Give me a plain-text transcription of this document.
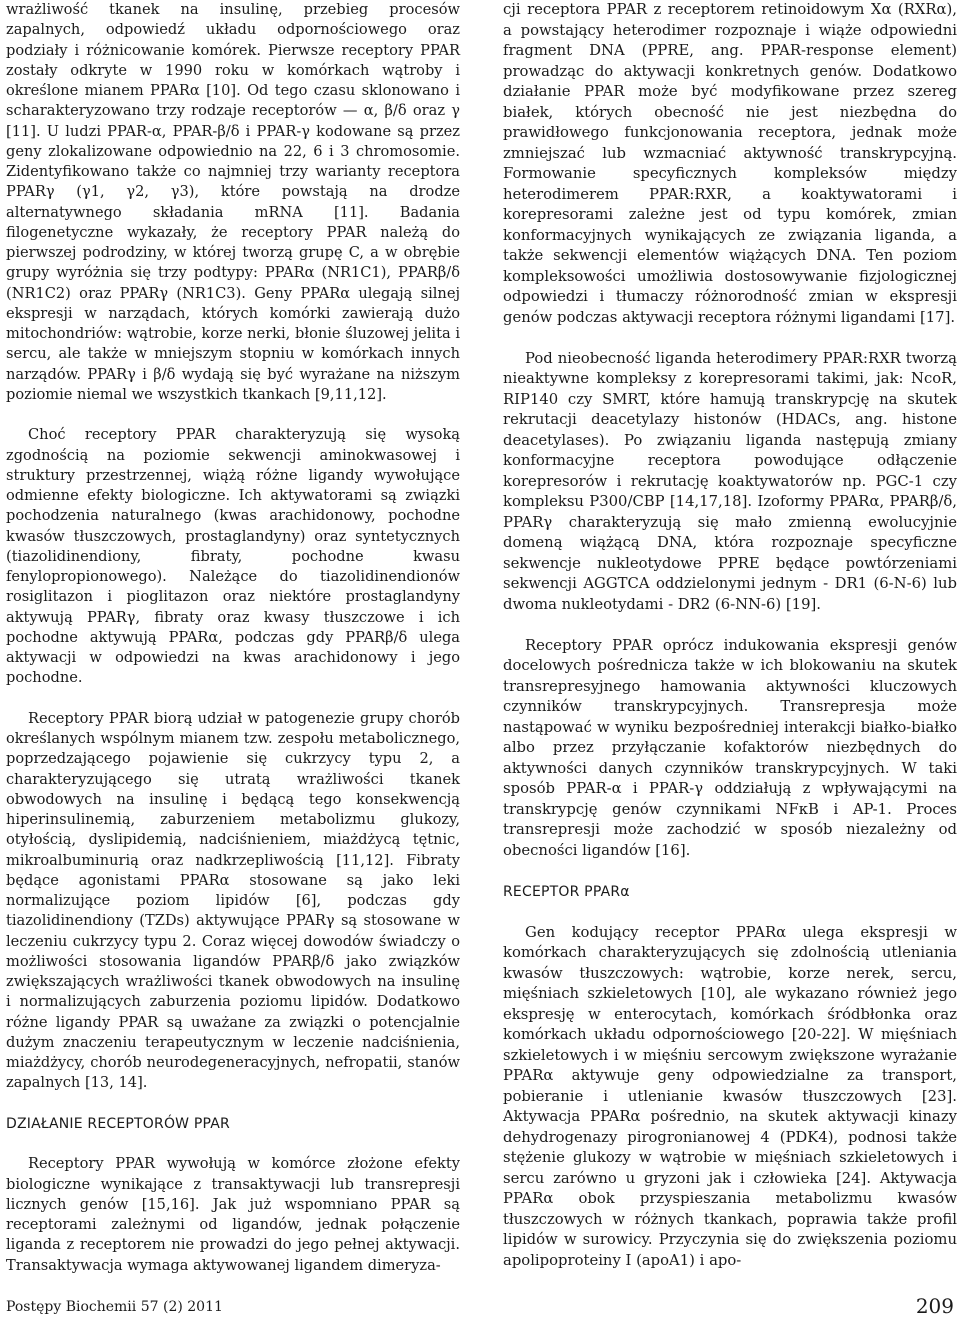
wrażliwość tkanek na insulinę, przebieg procesów zapalnych, odpowiedź układu odpornościowego oraz podziały i różnicowanie komórek. Pierwsze receptory PPAR zostały odkryte w 1990 roku w komórkach wątroby i określone mianem PPARα [10]. Od tego czasu sklonowano i scharakteryzowano trzy rodzaje receptorów — α, β/δ oraz γ [11]. U ludzi PPAR-α, PPAR-β/δ i PPAR-γ kodowane są przez geny zlokalizowane odpowiednio na 22, 6 i 3 chromosomie. Zidentyfikowano także co najmniej trzy warianty receptora PPARγ (γ1, γ2, γ3), które powstają na drodze alternatywnego składania mRNA [11]. Badania filogenetyczne wykazały, że receptory PPAR należą do pierwszej podrodziny, w której tworzą grupę C, a w obrębie grupy wyróżnia się trzy podtypy: PPARα (NR1C1), PPARβ/δ (NR1C2) oraz PPARγ (NR1C3). Geny PPARα ulegają silnej ekspresji w narządach, których komórki zawierają dużo mitochondriów: wątrobie, korze nerki, błonie śluzowej jelita i sercu, ale także w mniejszym stopniu w komórkach innych narządów. PPARγ i β/δ wydają się być wyrażane na niższym poziomie niemal we wszystkich tkankach [9,11,12].

Choć receptory PPAR charakteryzują się wysoką zgodnością na poziomie sekwencji aminokwasowej i struktury przestrzennej, wiążą różne ligandy wywołujące odmienne efekty biologiczne. Ich aktywatorami są związki pochodzenia naturalnego (kwas arachidonowy, pochodne kwasów tłuszczowych, prostaglandyny) oraz syntetycznych (tiazolidinendiony, fibraty, pochodne kwasu fenylopropionowego). Należące do tiazolidinendionów rosiglitazon i pioglitazon oraz niektóre prostaglandyny aktywują PPARγ, fibraty oraz kwasy tłuszczowe i ich pochodne aktywują PPARα, podczas gdy PPARβ/δ ulega aktywacji w odpowiedzi na kwas arachidonowy i jego pochodne.

Receptory PPAR biorą udział w patogenezie grupy chorób określanych wspólnym mianem tzw. zespołu metabolicznego, poprzedzającego pojawienie się cukrzycy typu 2, a charakteryzującego się utratą wrażliwości tkanek obwodowych na insulinę i będącą tego konsekwencją hiperinsulinemią, zaburzeniem metabolizmu glukozy, otyłością, dyslipidemią, nadciśnieniem, miażdżycą tętnic, mikroalbuminurią oraz nadkrzepliwością [11,12]. Fibraty będące agonistami PPARα stosowane są jako leki normalizujące poziom lipidów [6], podczas gdy tiazolidinendiony (TZDs) aktywujące PPARγ są stosowane w leczeniu cukrzycy typu 2. Coraz więcej dowodów świadczy o możliwości stosowania ligandów PPARβ/δ jako związków zwiększających wrażliwości tkanek obwodowych na insulinę i normalizujących zaburzenia poziomu lipidów. Dodatkowo różne ligandy PPAR są uważane za związki o potencjalnie dużym znaczeniu terapeutycznym w leczenie nadciśnienia, miażdżycy, chorób neurodegeneracyjnych, nefropatii, stanów zapalnych [13, 14].

DZIAŁANIE RECEPTORÓW PPAR

Receptory PPAR wywołują w komórce złożone efekty biologiczne wynikające z transaktywacji lub transrepresji licznych genów [15,16]. Jak już wspomniano PPAR są receptorami zależnymi od ligandów, jednak połączenie liganda z receptorem nie prowadzi do jego pełnej aktywacji. Transaktywacja wymaga aktywowanej ligandem dimeryza-

cji receptora PPAR z receptorem retinoidowym Xα (RXRα), a powstający heterodimer rozpoznaje i wiąże odpowiedni fragment DNA (PPRE, ang. PPAR-response element) prowadząc do aktywacji konkretnych genów. Dodatkowo działanie PPAR może być modyfikowane przez szereg białek, których obecność nie jest niezbędna do prawidłowego funkcjonowania receptora, jednak może zmniejszać lub wzmacniać aktywność transkrypcyjną. Formowanie specyficznych kompleksów między heterodimerem PPAR:RXR, a koaktywatorami i korepresorami zależne jest od typu komórek, zmian konformacyjnych wynikających ze związania liganda, a także sekwencji elementów wiążących DNA. Ten poziom kompleksowości umożliwia dostosowywanie fizjologicznej odpowiedzi i tłumaczy różnorodność zmian w ekspresji genów podczas aktywacji receptora różnymi ligandami [17].

Pod nieobecność liganda heterodimery PPAR:RXR tworzą nieaktywne kompleksy z korepresorami takimi, jak: NcoR, RIP140 czy SMRT, które hamują transkrypcję na skutek rekrutacji deacetylazy histonów (HDACs, ang. histone deacetylases). Po związaniu liganda następują zmiany konformacyjne receptora powodujące odłączenie korepresorów i rekrutację koaktywatorów np. PGC-1 czy kompleksu P300/CBP [14,17,18]. Izoformy PPARα, PPARβ/δ, PPARγ charakteryzują się mało zmienną ewolucyjnie domeną wiążącą DNA, która rozpoznaje specyficzne sekwencje nukleotydowe PPRE będące powtórzeniami sekwencji AGGTCA oddzielonymi jednym - DR1 (6-N-6) lub dwoma nukleotydami - DR2 (6-NN-6) [19].

Receptory PPAR oprócz indukowania ekspresji genów docelowych pośrednicza także w ich blokowaniu na skutek transrepresyjnego hamowania aktywności kluczowych czynników transkrypcyjnych. Transrepresja może nastąpować w wyniku bezpośredniej interakcji białko-białko albo przez przyłączanie kofaktorów niezbędnych do aktywności danych czynników transkrypcyjnych. W taki sposób PPAR-α i PPAR-γ oddziałują z wpływającymi na transkrypcję genów czynnikami NFκB i AP-1. Proces transrepresji może zachodzić w sposób niezależny od obecności ligandów [16].

RECEPTOR PPARα

Gen kodujący receptor PPARα ulega ekspresji w komórkach charakteryzujących się zdolnością utleniania kwasów tłuszczowych: wątrobie, korze nerek, sercu, mięśniach szkieletowych [10], ale wykazano również jego ekspresję w enterocytach, komórkach śródbłonka oraz komórkach układu odpornościowego [20-22]. W mięśniach szkieletowych i w mięśniu sercowym zwiększone wyrażanie PPARα aktywuje geny odpowiedzialne za transport, pobieranie i utlenianie kwasów tłuszczowych [23]. Aktywacja PPARα pośrednio, na skutek aktywacji kinazy dehydrogenazy pirogronianowej 4 (PDK4), podnosi także stężenie glukozy w wątrobie w mięśniach szkieletowych i sercu zarówno u gryzoni jak i człowieka [24]. Aktywacja PPARα obok przyspieszania metabolizmu kwasów tłuszczowych w różnych tkankach, poprawia także profil lipidów w surowicy. Przyczynia się do zwiększenia poziomu apolipoproteiny I (apoA1) i apo-

Postępy Biochemii 57 (2) 2011	209
